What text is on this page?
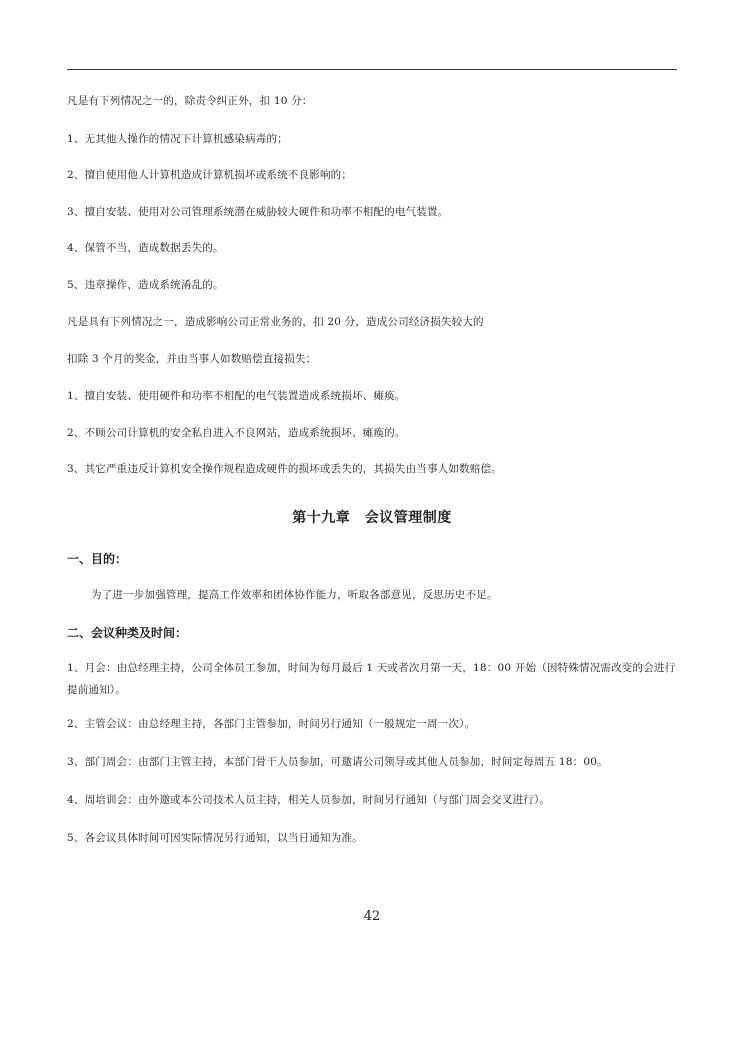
凡是有下列情况之一的，除责令纠正外，扣 10 分：
1、无其他人操作的情况下计算机感染病毒的；
2、擅自使用他人计算机造成计算机损坏或系统不良影响的；
3、擅自安装、使用对公司管理系统潜在威胁较大硬件和功率不相配的电气装置。
4、保管不当，造成数据丢失的。
5、违章操作，造成系统淆乱的。
凡是具有下列情况之一，造成影响公司正常业务的，扣 20 分，造成公司经济损失较大的
扣除 3 个月的奖金，并由当事人如数赔偿直接损失；
1、擅自安装、使用硬件和功率不相配的电气装置造成系统损坏、瘫痪。
2、不顾公司计算机的安全私自进入不良网站，造成系统损坏、瘫痪的。
3、其它严重违反计算机安全操作规程造成硬件的损坏或丢失的，其损失由当事人如数赔偿。
第十九章　会议管理制度
一、目的：
为了进一步加强管理，提高工作效率和团体协作能力，听取各部意见，反思历史不足。
二、会议种类及时间：
1、月会：由总经理主持，公司全体员工参加，时间为每月最后 1 天或者次月第一天，18：00 开始（因特殊情况需改变的会进行提前通知）。
2、主管会议：由总经理主持，各部门主管参加，时间另行通知（一般规定一周一次）。
3、部门周会：由部门主管主持，本部门骨干人员参加，可邀请公司领导或其他人员参加，时间定每周五 18：00。
4、周培训会：由外邀或本公司技术人员主持，相关人员参加，时间另行通知（与部门周会交叉进行）。
5、各会议具体时间可因实际情况另行通知，以当日通知为准。
42
